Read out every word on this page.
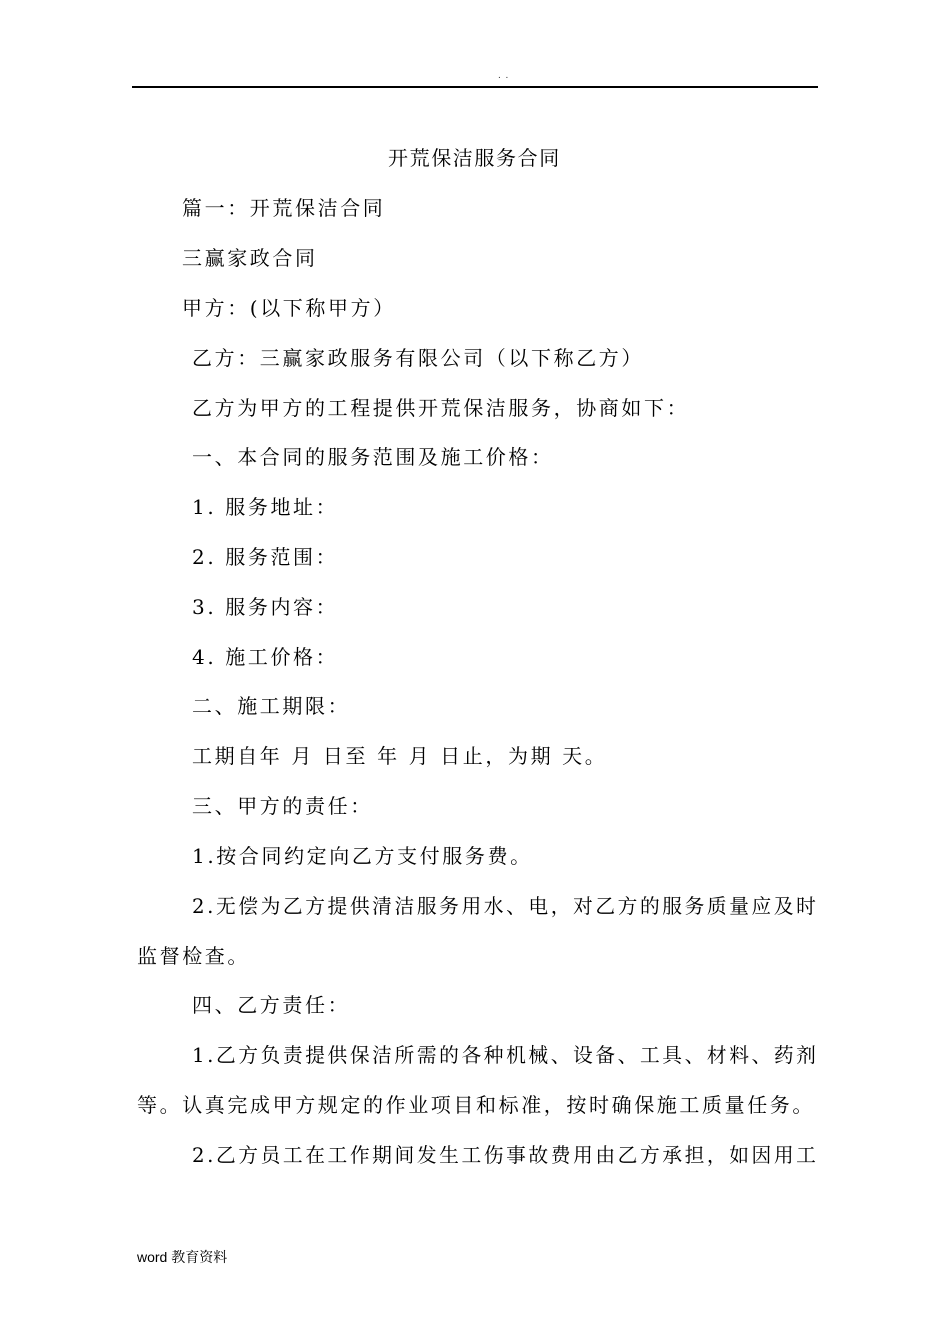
. .
开荒保洁服务合同
篇一：开荒保洁合同
三赢家政合同
甲方：(以下称甲方）
乙方：三赢家政服务有限公司（以下称乙方）
乙方为甲方的工程提供开荒保洁服务，协商如下：
一、本合同的服务范围及施工价格：
1. 服务地址：
2. 服务范围：
3. 服务内容：
4. 施工价格：
二、施工期限：
工期自年 月 日至 年 月 日止，为期 天。
三、甲方的责任：
1.按合同约定向乙方支付服务费。
2.无偿为乙方提供清洁服务用水、电，对乙方的服务质量应及时
监督检查。
四、乙方责任：
1.乙方负责提供保洁所需的各种机械、设备、工具、材料、药剂
等。认真完成甲方规定的作业项目和标准，按时确保施工质量任务。
2.乙方员工在工作期间发生工伤事故费用由乙方承担，如因用工
word 教育资料
